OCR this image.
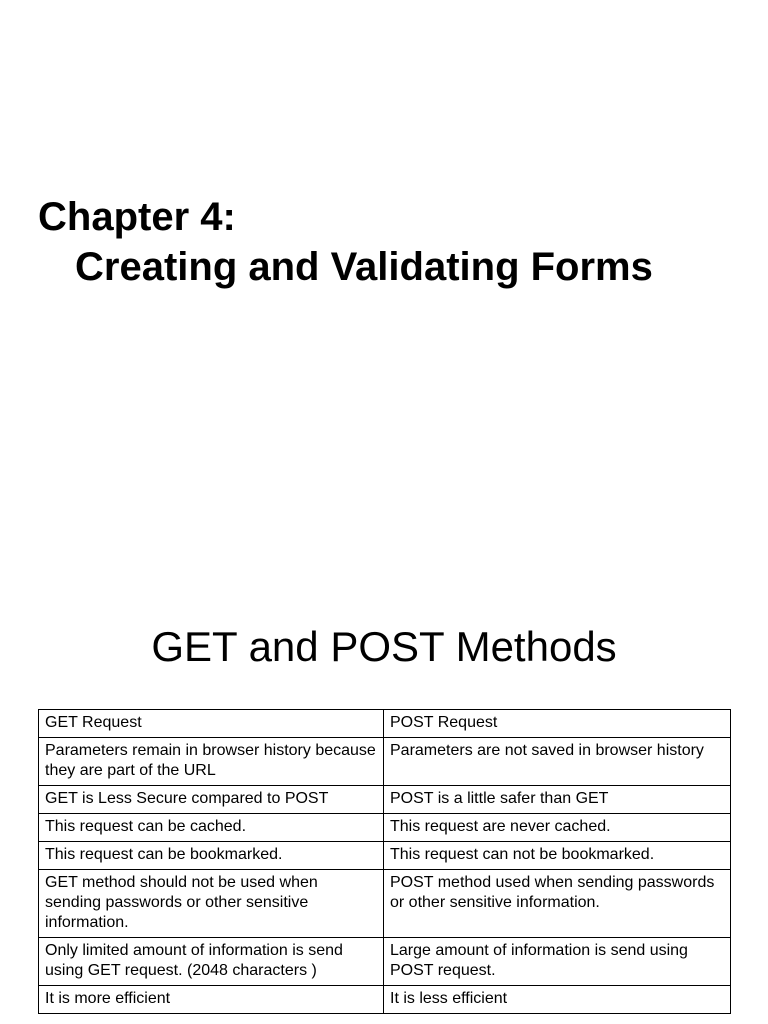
Chapter 4:
Creating and Validating Forms
GET and POST Methods
GET Request	POST Request
Parameters remain in browser history because they are part of the URL	Parameters are not saved in browser history
GET is Less Secure compared to POST	POST is a little safer than GET
This request can be cached.	This request are never cached.
This request can be bookmarked.	This request can not be bookmarked.
GET method should not be used when sending passwords or other sensitive information.	POST method used when sending passwords or other sensitive information.
Only limited amount of information is send using GET request. (2048 characters )	Large amount of information is send using POST request.
It is more efficient	It is less efficient
